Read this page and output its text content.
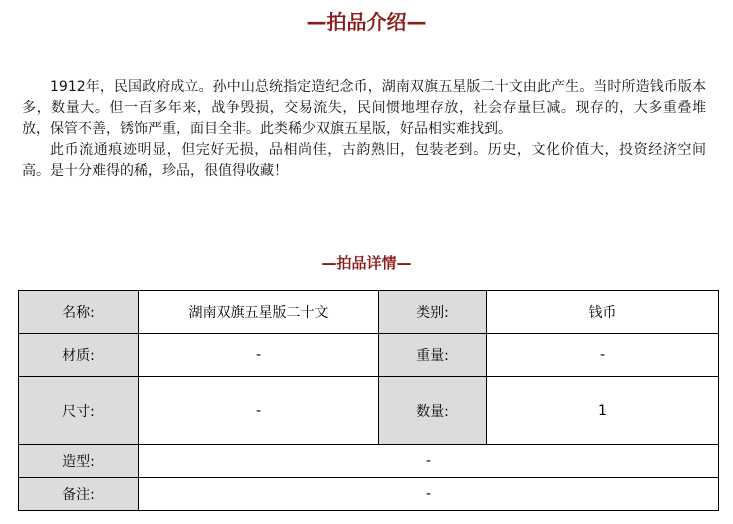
—拍品介绍—

1912年，民国政府成立。孙中山总统指定造纪念币，湖南双旗五星版二十文由此产生。当时所造钱币版本多，数量大。但一百多年来，战争毁损，交易流失，民间惯地埋存放，社会存量巨减。现存的，大多重叠堆放，保管不善，锈饰严重，面目全非。此类稀少双旗五星版，好品相实难找到。

此币流通痕迹明显，但完好无损，品相尚佳，古韵熟旧，包装老到。历史，文化价值大，投资经济空间高。是十分难得的稀，珍品，很值得收藏！

—拍品详情—
名称:	湖南双旗五星版二十文	类别:	钱币
材质:	-	重量:	-
尺寸:	-	数量:	1
造型:	-		
备注:	-		
